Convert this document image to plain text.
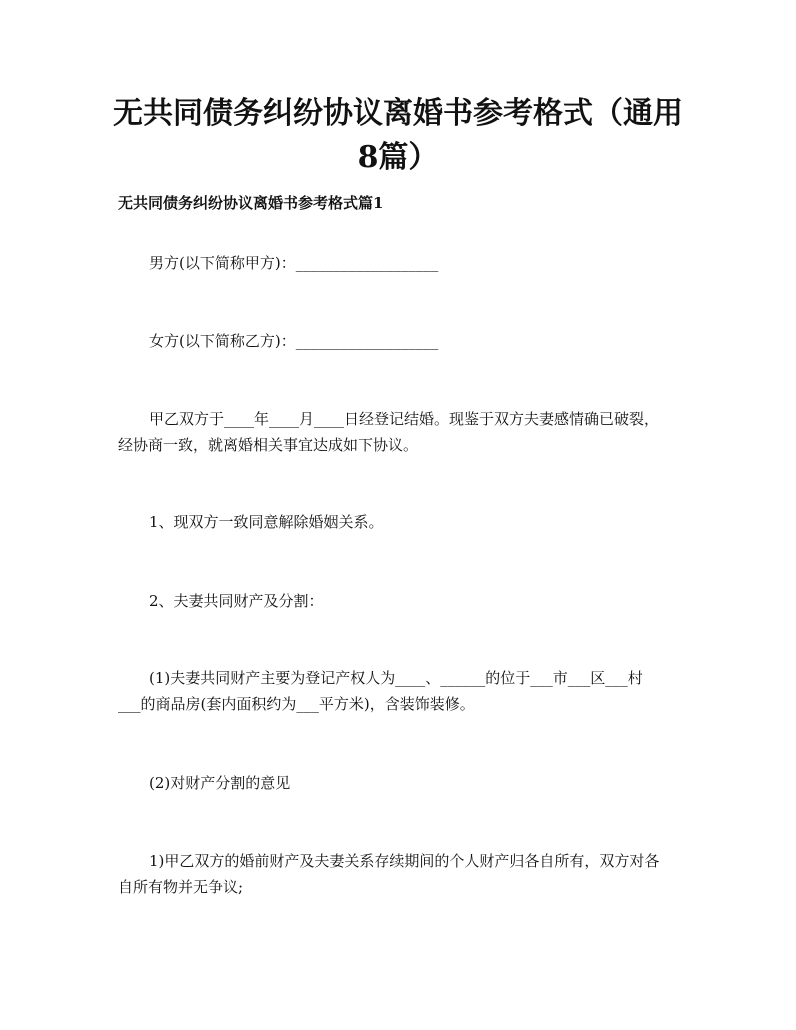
无共同债务纠纷协议离婚书参考格式（通用
8篇）
无共同债务纠纷协议离婚书参考格式篇1

男方(以下简称甲方)：___________________

女方(以下简称乙方)：___________________

甲乙双方于____年____月____日经登记结婚。现鉴于双方夫妻感情确已破裂，

经协商一致，就离婚相关事宜达成如下协议。

1、现双方一致同意解除婚姻关系。

2、夫妻共同财产及分割：

(1)夫妻共同财产主要为登记产权人为____、______的位于___市___区___村

___的商品房(套内面积约为___平方米)，含装饰装修。

(2)对财产分割的意见

1)甲乙双方的婚前财产及夫妻关系存续期间的个人财产归各自所有，双方对各

自所有物并无争议;
